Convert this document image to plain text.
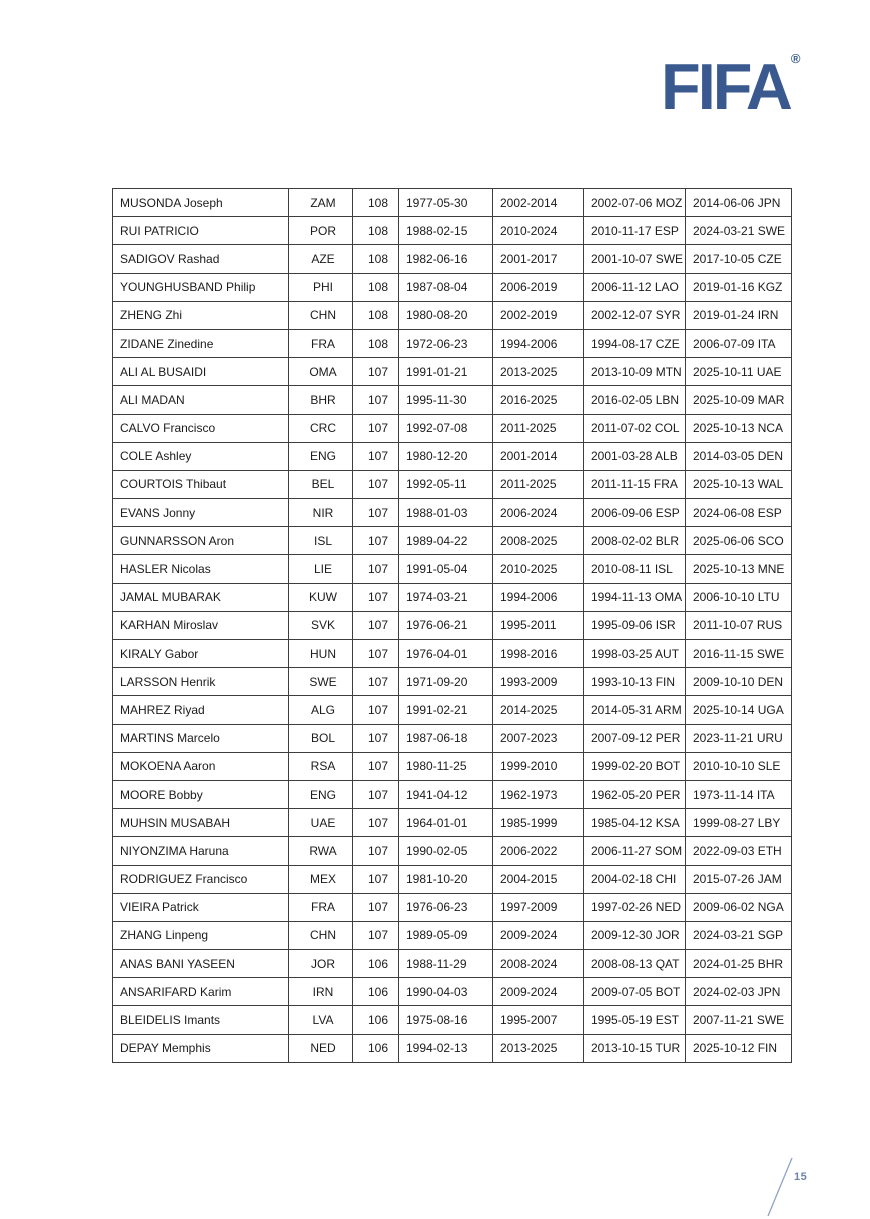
FIFA®
MUSONDA Joseph	ZAM	108	1977-05-30	2002-2014	2002-07-06 MOZ	2014-06-06 JPN
RUI PATRICIO	POR	108	1988-02-15	2010-2024	2010-11-17 ESP	2024-03-21 SWE
SADIGOV Rashad	AZE	108	1982-06-16	2001-2017	2001-10-07 SWE	2017-10-05 CZE
YOUNGHUSBAND Philip	PHI	108	1987-08-04	2006-2019	2006-11-12 LAO	2019-01-16 KGZ
ZHENG Zhi	CHN	108	1980-08-20	2002-2019	2002-12-07 SYR	2019-01-24 IRN
ZIDANE Zinedine	FRA	108	1972-06-23	1994-2006	1994-08-17 CZE	2006-07-09 ITA
ALI AL BUSAIDI	OMA	107	1991-01-21	2013-2025	2013-10-09 MTN	2025-10-11 UAE
ALI MADAN	BHR	107	1995-11-30	2016-2025	2016-02-05 LBN	2025-10-09 MAR
CALVO Francisco	CRC	107	1992-07-08	2011-2025	2011-07-02 COL	2025-10-13 NCA
COLE Ashley	ENG	107	1980-12-20	2001-2014	2001-03-28 ALB	2014-03-05 DEN
COURTOIS Thibaut	BEL	107	1992-05-11	2011-2025	2011-11-15 FRA	2025-10-13 WAL
EVANS Jonny	NIR	107	1988-01-03	2006-2024	2006-09-06 ESP	2024-06-08 ESP
GUNNARSSON Aron	ISL	107	1989-04-22	2008-2025	2008-02-02 BLR	2025-06-06 SCO
HASLER Nicolas	LIE	107	1991-05-04	2010-2025	2010-08-11 ISL	2025-10-13 MNE
JAMAL MUBARAK	KUW	107	1974-03-21	1994-2006	1994-11-13 OMA	2006-10-10 LTU
KARHAN Miroslav	SVK	107	1976-06-21	1995-2011	1995-09-06 ISR	2011-10-07 RUS
KIRALY Gabor	HUN	107	1976-04-01	1998-2016	1998-03-25 AUT	2016-11-15 SWE
LARSSON Henrik	SWE	107	1971-09-20	1993-2009	1993-10-13 FIN	2009-10-10 DEN
MAHREZ Riyad	ALG	107	1991-02-21	2014-2025	2014-05-31 ARM	2025-10-14 UGA
MARTINS Marcelo	BOL	107	1987-06-18	2007-2023	2007-09-12 PER	2023-11-21 URU
MOKOENA Aaron	RSA	107	1980-11-25	1999-2010	1999-02-20 BOT	2010-10-10 SLE
MOORE Bobby	ENG	107	1941-04-12	1962-1973	1962-05-20 PER	1973-11-14 ITA
MUHSIN MUSABAH	UAE	107	1964-01-01	1985-1999	1985-04-12 KSA	1999-08-27 LBY
NIYONZIMA Haruna	RWA	107	1990-02-05	2006-2022	2006-11-27 SOM	2022-09-03 ETH
RODRIGUEZ Francisco	MEX	107	1981-10-20	2004-2015	2004-02-18 CHI	2015-07-26 JAM
VIEIRA Patrick	FRA	107	1976-06-23	1997-2009	1997-02-26 NED	2009-06-02 NGA
ZHANG Linpeng	CHN	107	1989-05-09	2009-2024	2009-12-30 JOR	2024-03-21 SGP
ANAS BANI YASEEN	JOR	106	1988-11-29	2008-2024	2008-08-13 QAT	2024-01-25 BHR
ANSARIFARD Karim	IRN	106	1990-04-03	2009-2024	2009-07-05 BOT	2024-02-03 JPN
BLEIDELIS Imants	LVA	106	1975-08-16	1995-2007	1995-05-19 EST	2007-11-21 SWE
DEPAY Memphis	NED	106	1994-02-13	2013-2025	2013-10-15 TUR	2025-10-12 FIN
15
